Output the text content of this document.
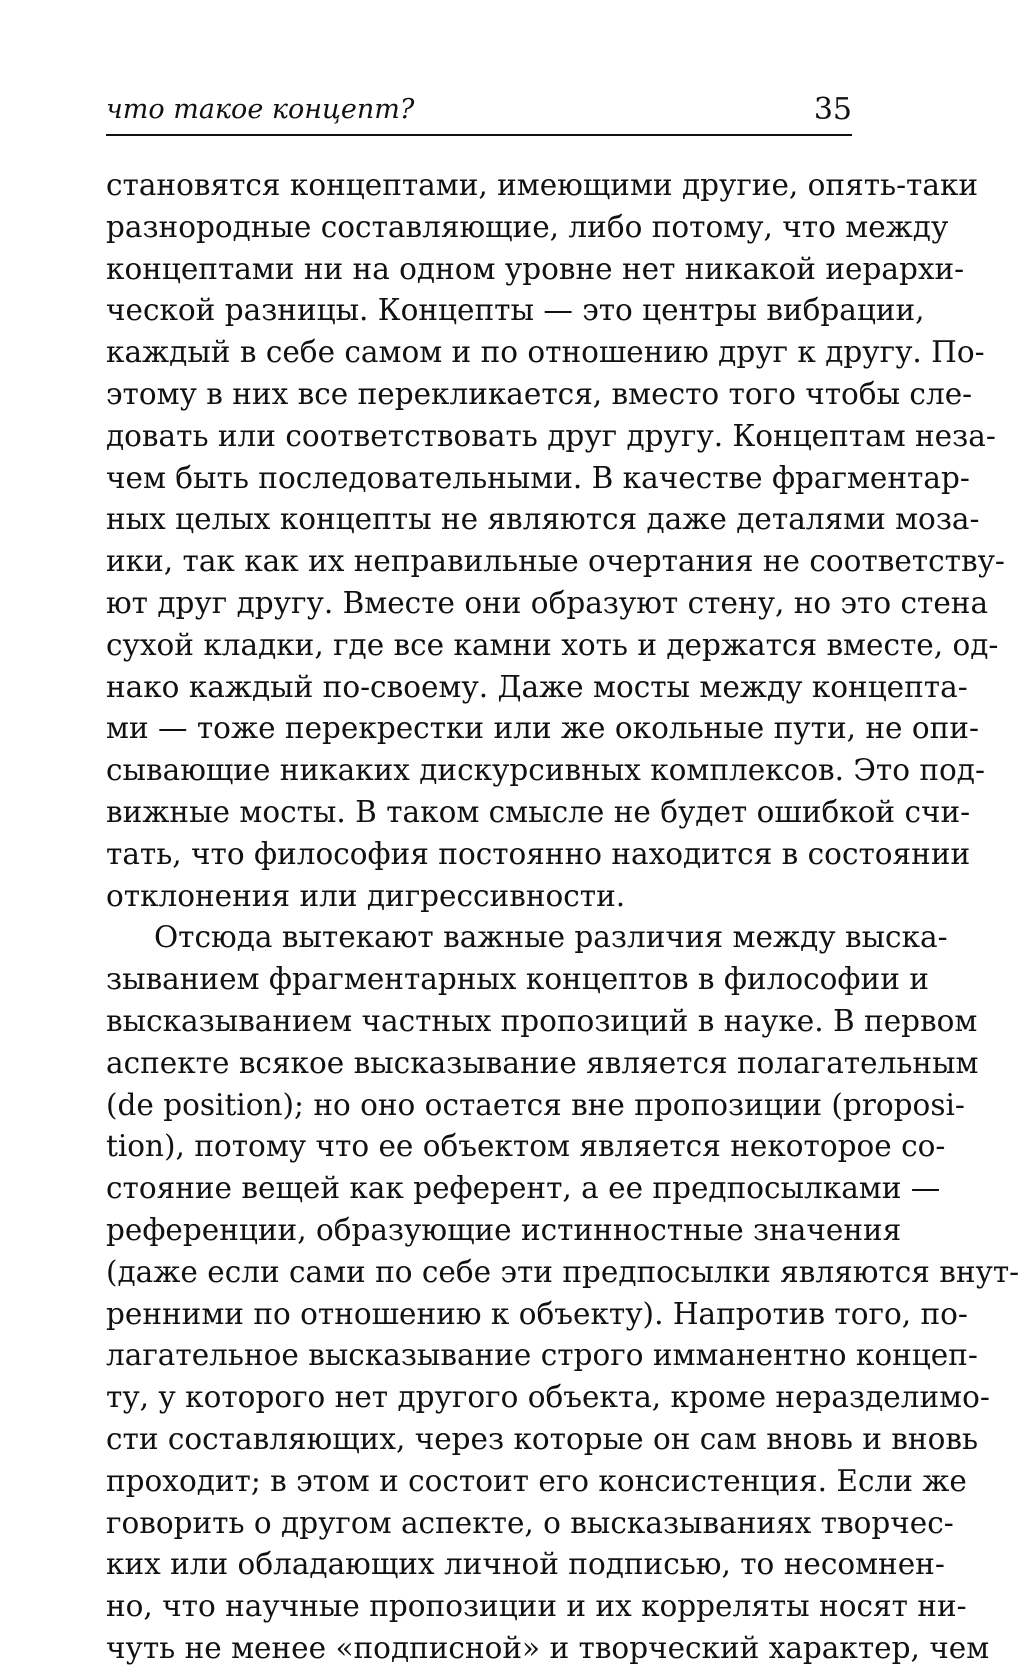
что такое концепт?	35
становятся концептами, имеющими другие, опять-таки
разнородные составляющие, либо потому, что между
концептами ни на одном уровне нет никакой иерархи-
ческой разницы. Концепты — это центры вибрации,
каждый в себе самом и по отношению друг к другу. По-
этому в них все перекликается, вместо того чтобы сле-
довать или соответствовать друг другу. Концептам неза-
чем быть последовательными. В качестве фрагментар-
ных целых концепты не являются даже деталями моза-
ики, так как их неправильные очертания не соответству-
ют друг другу. Вместе они образуют стену, но это стена
сухой кладки, где все камни хоть и держатся вместе, од-
нако каждый по-своему. Даже мосты между концепта-
ми — тоже перекрестки или же окольные пути, не опи-
сывающие никаких дискурсивных комплексов. Это под-
вижные мосты. В таком смысле не будет ошибкой счи-
тать, что философия постоянно находится в состоянии
отклонения или дигрессивности.
Отсюда вытекают важные различия между выска-
зыванием фрагментарных концептов в философии и
высказыванием частных пропозиций в науке. В первом
аспекте всякое высказывание является полагательным
(de position); но оно остается вне пропозиции (proposi-
tion), потому что ее объектом является некоторое со-
стояние вещей как референт, а ее предпосылками —
референции, образующие истинностные значения
(даже если сами по себе эти предпосылки являются внут-
ренними по отношению к объекту). Напротив того, по-
лагательное высказывание строго имманентно концеп-
ту, у которого нет другого объекта, кроме неразделимо-
сти составляющих, через которые он сам вновь и вновь
проходит; в этом и состоит его консистенция. Если же
говорить о другом аспекте, о высказываниях творчес-
ких или обладающих личной подписью, то несомнен-
но, что научные пропозиции и их корреляты носят ни-
чуть не менее «подписной» и творческий характер, чем
